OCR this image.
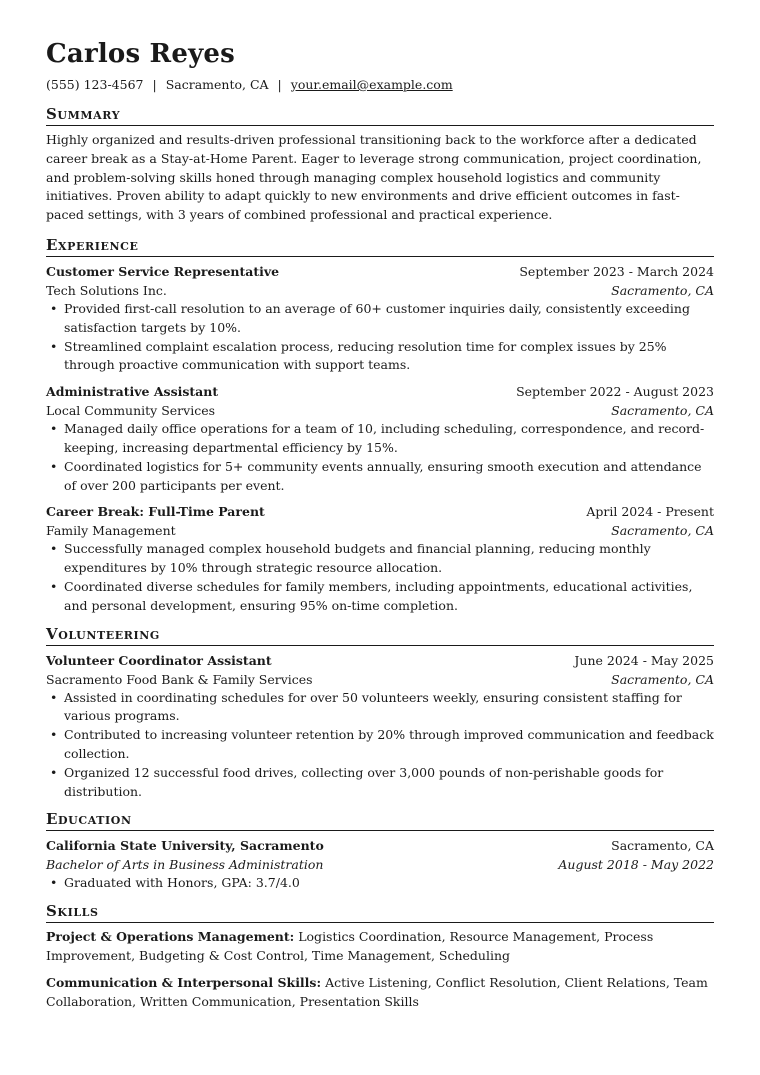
Carlos Reyes
(555) 123-4567 | Sacramento, CA | your.email@example.com
Summary

Highly organized and results-driven professional transitioning back to the workforce after a dedicated career break as a Stay-at-Home Parent. Eager to leverage strong communication, project coordination, and problem-solving skills honed through managing complex household logistics and community initiatives. Proven ability to adapt quickly to new environments and drive efficient outcomes in fast-paced settings, with 3 years of combined professional and practical experience.

Experience
Customer Service Representative	September 2023 - March 2024
Tech Solutions Inc.	Sacramento, CA
• Provided first-call resolution to an average of 60+ customer inquiries daily, consistently exceeding satisfaction targets by 10%.
• Streamlined complaint escalation process, reducing resolution time for complex issues by 25% through proactive communication with support teams.
Administrative Assistant	September 2022 - August 2023
Local Community Services	Sacramento, CA
• Managed daily office operations for a team of 10, including scheduling, correspondence, and record-keeping, increasing departmental efficiency by 15%.
• Coordinated logistics for 5+ community events annually, ensuring smooth execution and attendance of over 200 participants per event.
Career Break: Full-Time Parent	April 2024 - Present
Family Management	Sacramento, CA
• Successfully managed complex household budgets and financial planning, reducing monthly expenditures by 10% through strategic resource allocation.
• Coordinated diverse schedules for family members, including appointments, educational activities, and personal development, ensuring 95% on-time completion.
Volunteering
Volunteer Coordinator Assistant	June 2024 - May 2025
Sacramento Food Bank & Family Services	Sacramento, CA
• Assisted in coordinating schedules for over 50 volunteers weekly, ensuring consistent staffing for various programs.
• Contributed to increasing volunteer retention by 20% through improved communication and feedback collection.
• Organized 12 successful food drives, collecting over 3,000 pounds of non-perishable goods for distribution.
Education
California State University, Sacramento	Sacramento, CA
Bachelor of Arts in Business Administration	August 2018 - May 2022
• Graduated with Honors, GPA: 3.7/4.0
Skills

Project & Operations Management: Logistics Coordination, Resource Management, Process Improvement, Budgeting & Cost Control, Time Management, Scheduling

Communication & Interpersonal Skills: Active Listening, Conflict Resolution, Client Relations, Team Collaboration, Written Communication, Presentation Skills
